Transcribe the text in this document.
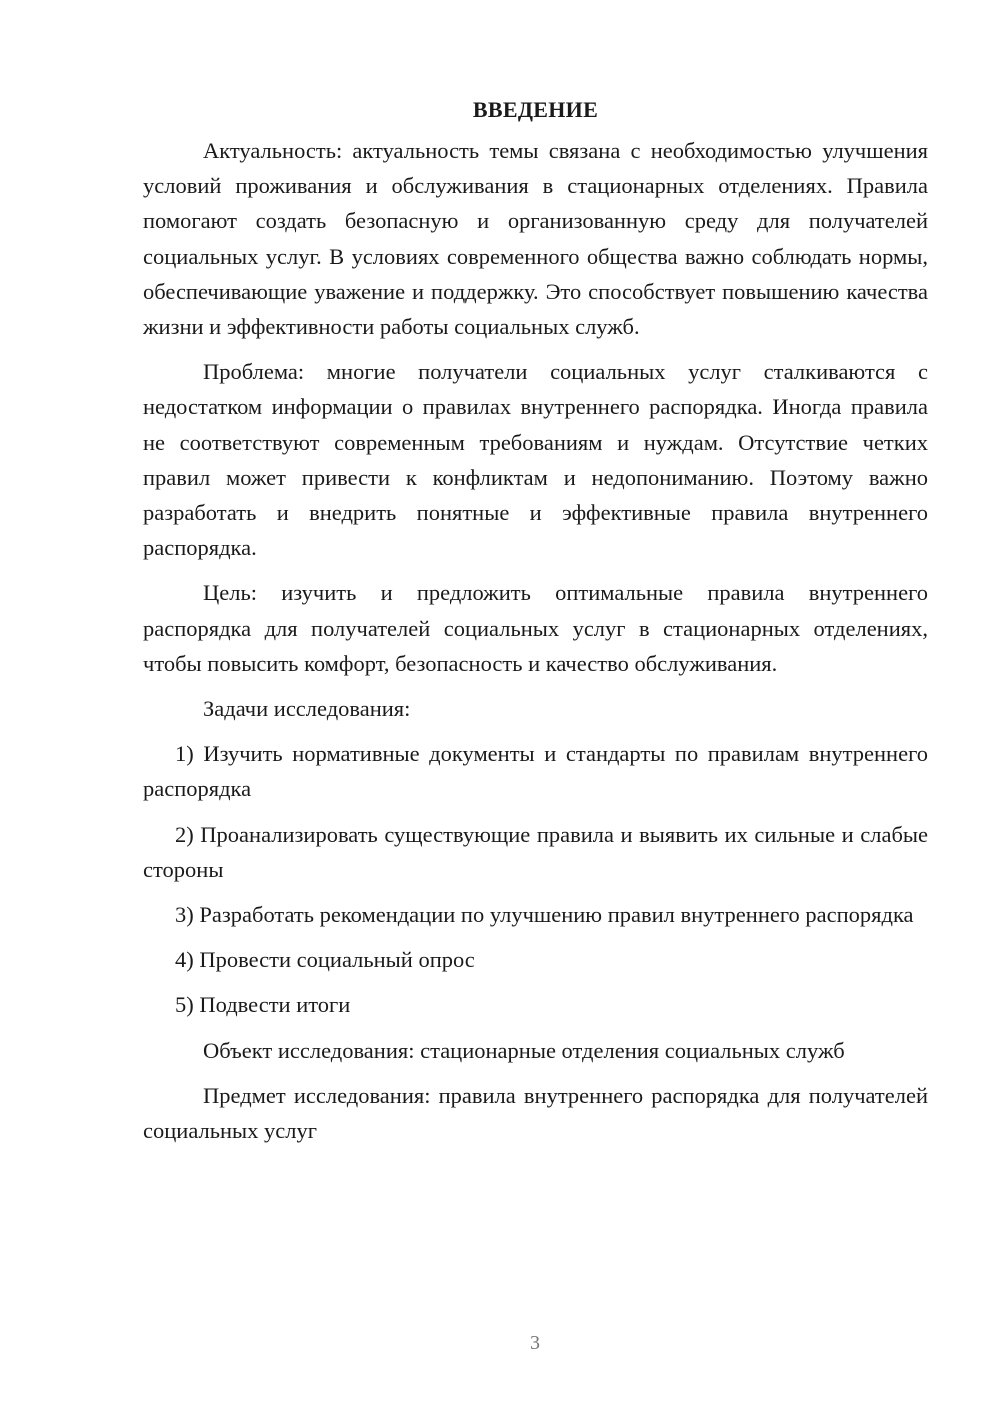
ВВЕДЕНИЕ

Актуальность: актуальность темы связана с необходимостью улучшения условий проживания и обслуживания в стационарных отделениях. Правила помогают создать безопасную и организованную среду для получателей социальных услуг. В условиях современного общества важно соблюдать нормы, обеспечивающие уважение и поддержку. Это способствует повышению качества жизни и эффективности работы социальных служб.

Проблема: многие получатели социальных услуг сталкиваются с недостатком информации о правилах внутреннего распорядка. Иногда правила не соответствуют современным требованиям и нуждам. Отсутствие четких правил может привести к конфликтам и недопониманию. Поэтому важно разработать и внедрить понятные и эффективные правила внутреннего распорядка.

Цель: изучить и предложить оптимальные правила внутреннего распорядка для получателей социальных услуг в стационарных отделениях, чтобы повысить комфорт, безопасность и качество обслуживания.

Задачи исследования:

1) Изучить нормативные документы и стандарты по правилам внутреннего распорядка

2) Проанализировать существующие правила и выявить их сильные и слабые стороны

3) Разработать рекомендации по улучшению правил внутреннего распорядка

4) Провести социальный опрос

5) Подвести итоги

Объект исследования: стационарные отделения социальных служб

Предмет исследования: правила внутреннего распорядка для получателей социальных услуг

3
